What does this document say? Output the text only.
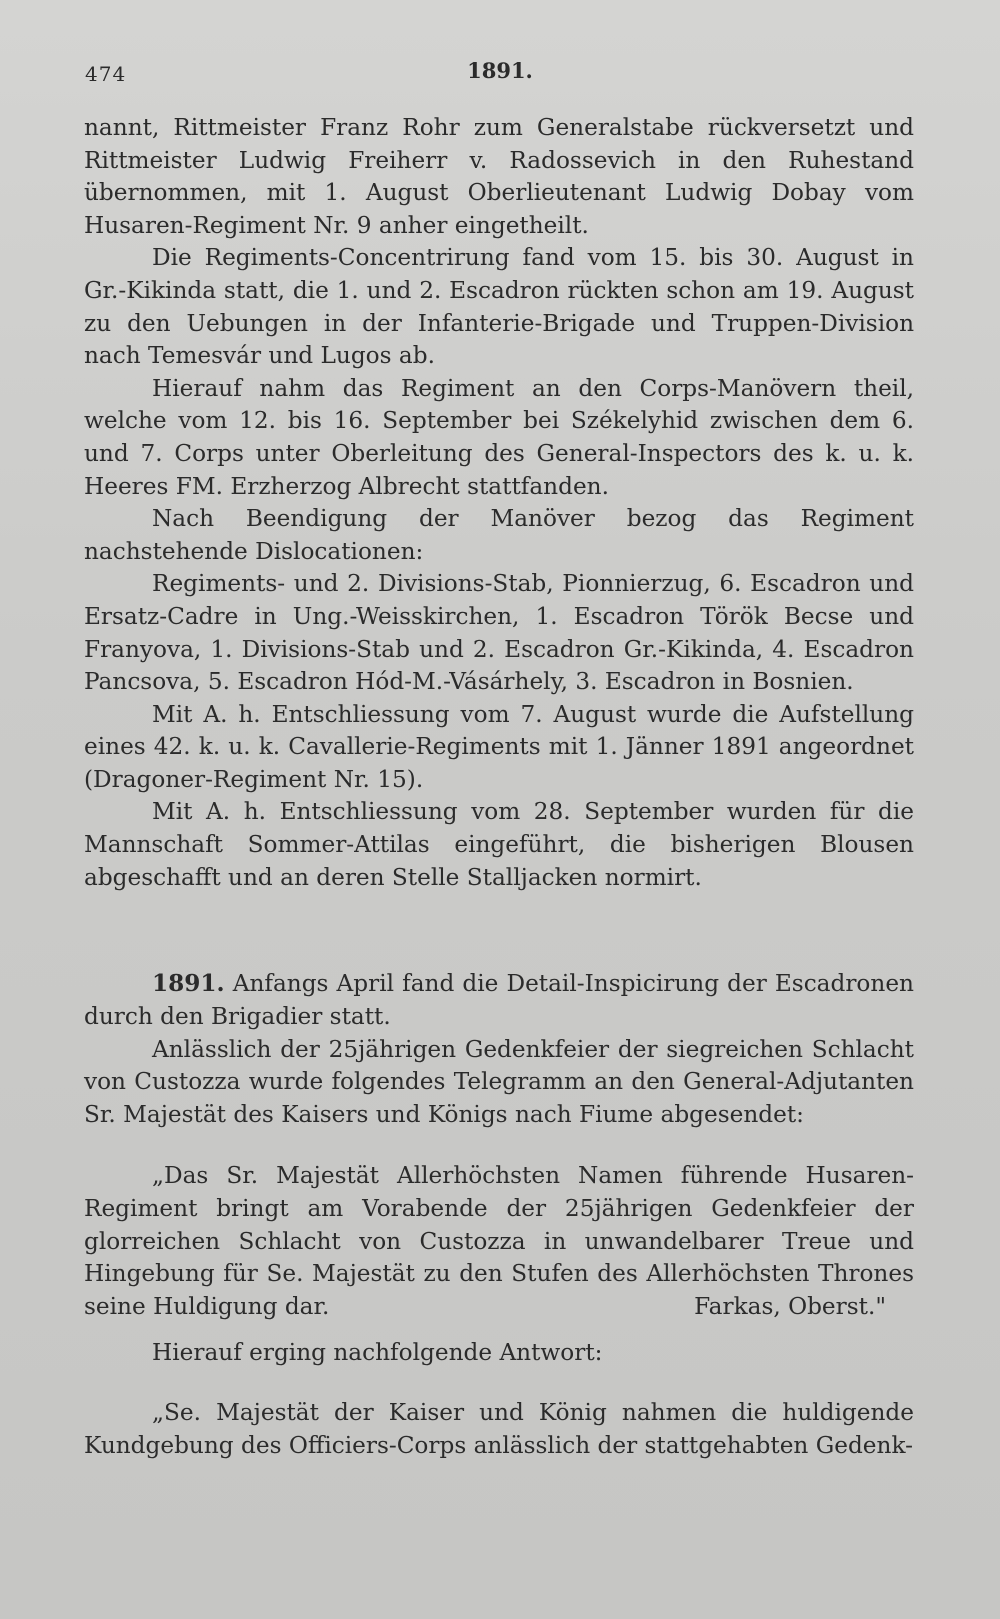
474	1891.

nannt, Rittmeister Franz Rohr zum Generalstabe rückversetzt und Rittmeister Ludwig Freiherr v. Radossevich in den Ruhestand übernommen, mit 1. August Oberlieutenant Ludwig Dobay vom Husaren-Regiment Nr. 9 anher eingetheilt.

Die Regiments-Concentrirung fand vom 15. bis 30. August in Gr.-Kikinda statt, die 1. und 2. Escadron rückten schon am 19. August zu den Uebungen in der Infanterie-Brigade und Truppen-Division nach Temesvár und Lugos ab.

Hierauf nahm das Regiment an den Corps-Manövern theil, welche vom 12. bis 16. September bei Székelyhid zwischen dem 6. und 7. Corps unter Oberleitung des General-Inspectors des k. u. k. Heeres FM. Erzherzog Albrecht stattfanden.

Nach Beendigung der Manöver bezog das Regiment nachstehende Dislocationen:

Regiments- und 2. Divisions-Stab, Pionnierzug, 6. Escadron und Ersatz-Cadre in Ung.-Weisskirchen, 1. Escadron Török Becse und Franyova, 1. Divisions-Stab und 2. Escadron Gr.-Kikinda, 4. Escadron Pancsova, 5. Escadron Hód-M.-Vásárhely, 3. Escadron in Bosnien.

Mit A. h. Entschliessung vom 7. August wurde die Aufstellung eines 42. k. u. k. Cavallerie-Regiments mit 1. Jänner 1891 angeordnet (Dragoner-Regiment Nr. 15).

Mit A. h. Entschliessung vom 28. September wurden für die Mannschaft Sommer-Attilas eingeführt, die bisherigen Blousen abgeschafft und an deren Stelle Stalljacken normirt.

1891. Anfangs April fand die Detail-Inspicirung der Escadronen durch den Brigadier statt.

Anlässlich der 25jährigen Gedenkfeier der siegreichen Schlacht von Custozza wurde folgendes Telegramm an den General-Adjutanten Sr. Majestät des Kaisers und Königs nach Fiume abgesendet:

„Das Sr. Majestät Allerhöchsten Namen führende Husaren-Regiment bringt am Vorabende der 25jährigen Gedenkfeier der glorreichen Schlacht von Custozza in unwandelbarer Treue und Hingebung für Se. Majestät zu den Stufen des Allerhöchsten Thrones seine Huldigung dar.	Farkas, Oberst."

Hierauf erging nachfolgende Antwort:

„Se. Majestät der Kaiser und König nahmen die huldigende Kundgebung des Officiers-Corps anlässlich der stattgehabten Gedenk-
